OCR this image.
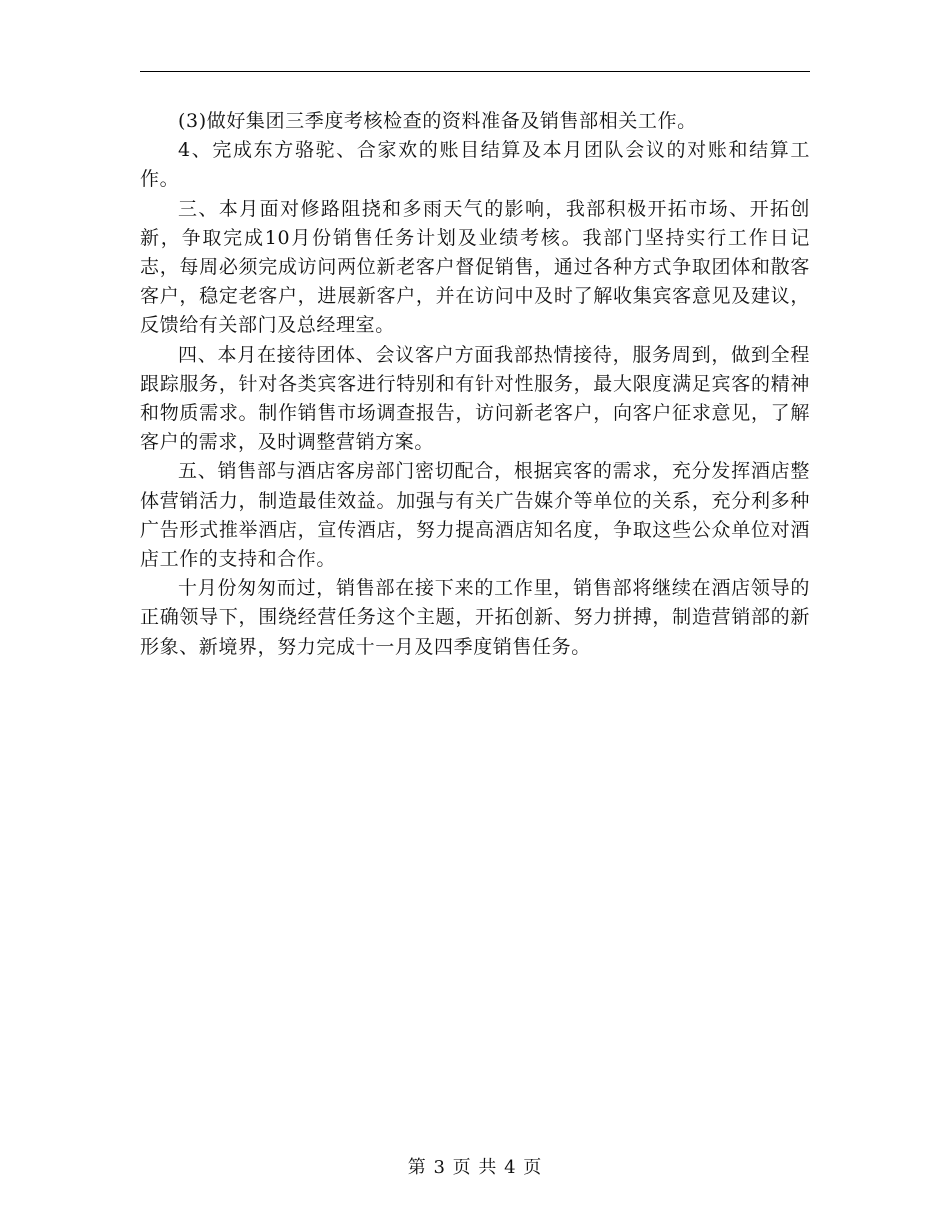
(3)做好集团三季度考核检查的资料准备及销售部相关工作。

4、完成东方骆驼、合家欢的账目结算及本月团队会议的对账和结算工作。

三、本月面对修路阻挠和多雨天气的影响，我部积极开拓市场、开拓创新，争取完成10月份销售任务计划及业绩考核。我部门坚持实行工作日记志，每周必须完成访问两位新老客户督促销售，通过各种方式争取团体和散客客户，稳定老客户，进展新客户，并在访问中及时了解收集宾客意见及建议，反馈给有关部门及总经理室。

四、本月在接待团体、会议客户方面我部热情接待，服务周到，做到全程跟踪服务，针对各类宾客进行特别和有针对性服务，最大限度满足宾客的精神和物质需求。制作销售市场调查报告，访问新老客户，向客户征求意见，了解客户的需求，及时调整营销方案。

五、销售部与酒店客房部门密切配合，根据宾客的需求，充分发挥酒店整体营销活力，制造最佳效益。加强与有关广告媒介等单位的关系，充分利多种广告形式推举酒店，宣传酒店，努力提高酒店知名度，争取这些公众单位对酒店工作的支持和合作。

十月份匆匆而过，销售部在接下来的工作里，销售部将继续在酒店领导的正确领导下，围绕经营任务这个主题，开拓创新、努力拼搏，制造营销部的新形象、新境界，努力完成十一月及四季度销售任务。

第 3 页 共 4 页
